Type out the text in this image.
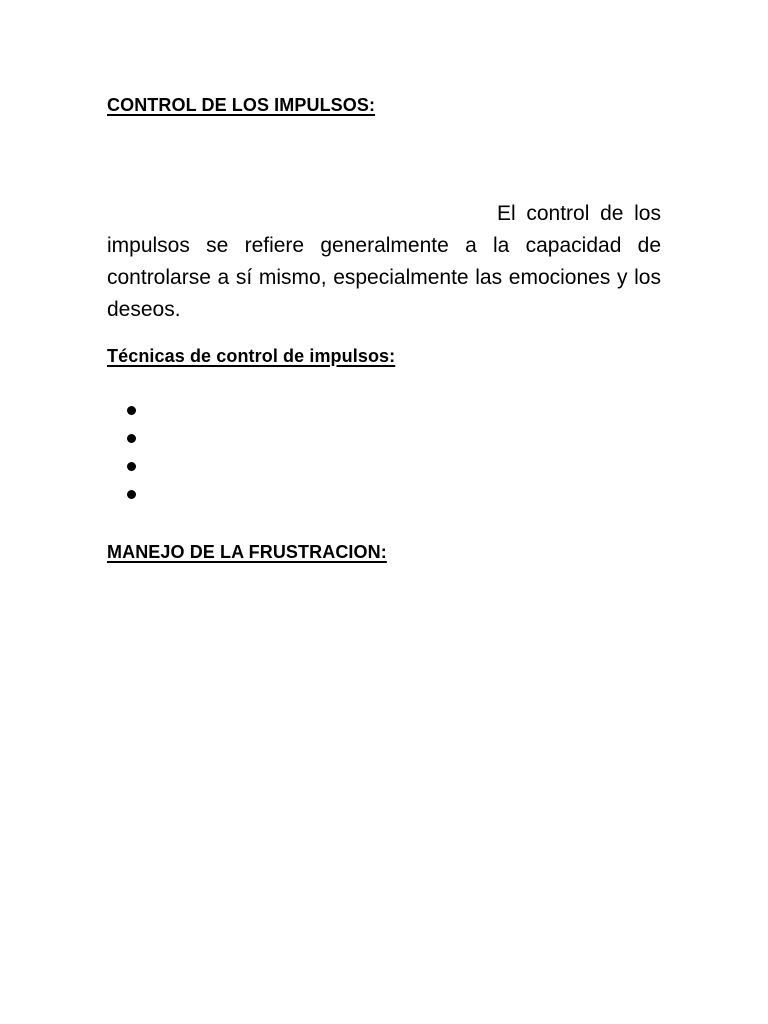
CONTROL DE LOS IMPULSOS:
El control de los impulsos se refiere generalmente a la capacidad de controlarse a sí mismo, especialmente las emociones y los deseos.
Técnicas de control de impulsos:
MANEJO DE LA FRUSTRACION:
